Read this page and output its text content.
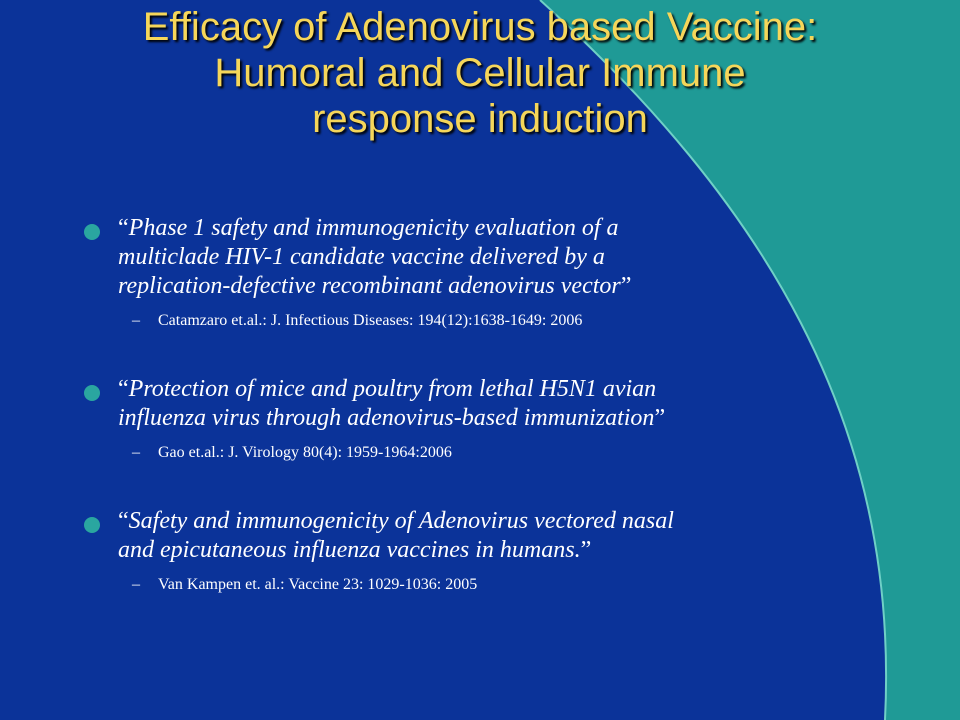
Efficacy of Adenovirus based Vaccine:
Humoral and Cellular Immune
response induction
“Phase 1 safety and immunogenicity evaluation of a
multiclade HIV-1 candidate vaccine delivered by a
replication-defective recombinant adenovirus vector”
– Catamzaro et.al.: J. Infectious Diseases: 194(12):1638-1649: 2006
“Protection of mice and poultry from lethal H5N1 avian
influenza virus through adenovirus-based immunization”
– Gao et.al.: J. Virology 80(4): 1959-1964:2006
“Safety and immunogenicity of Adenovirus vectored nasal
and epicutaneous influenza vaccines in humans.”
– Van Kampen et. al.: Vaccine 23: 1029-1036: 2005
